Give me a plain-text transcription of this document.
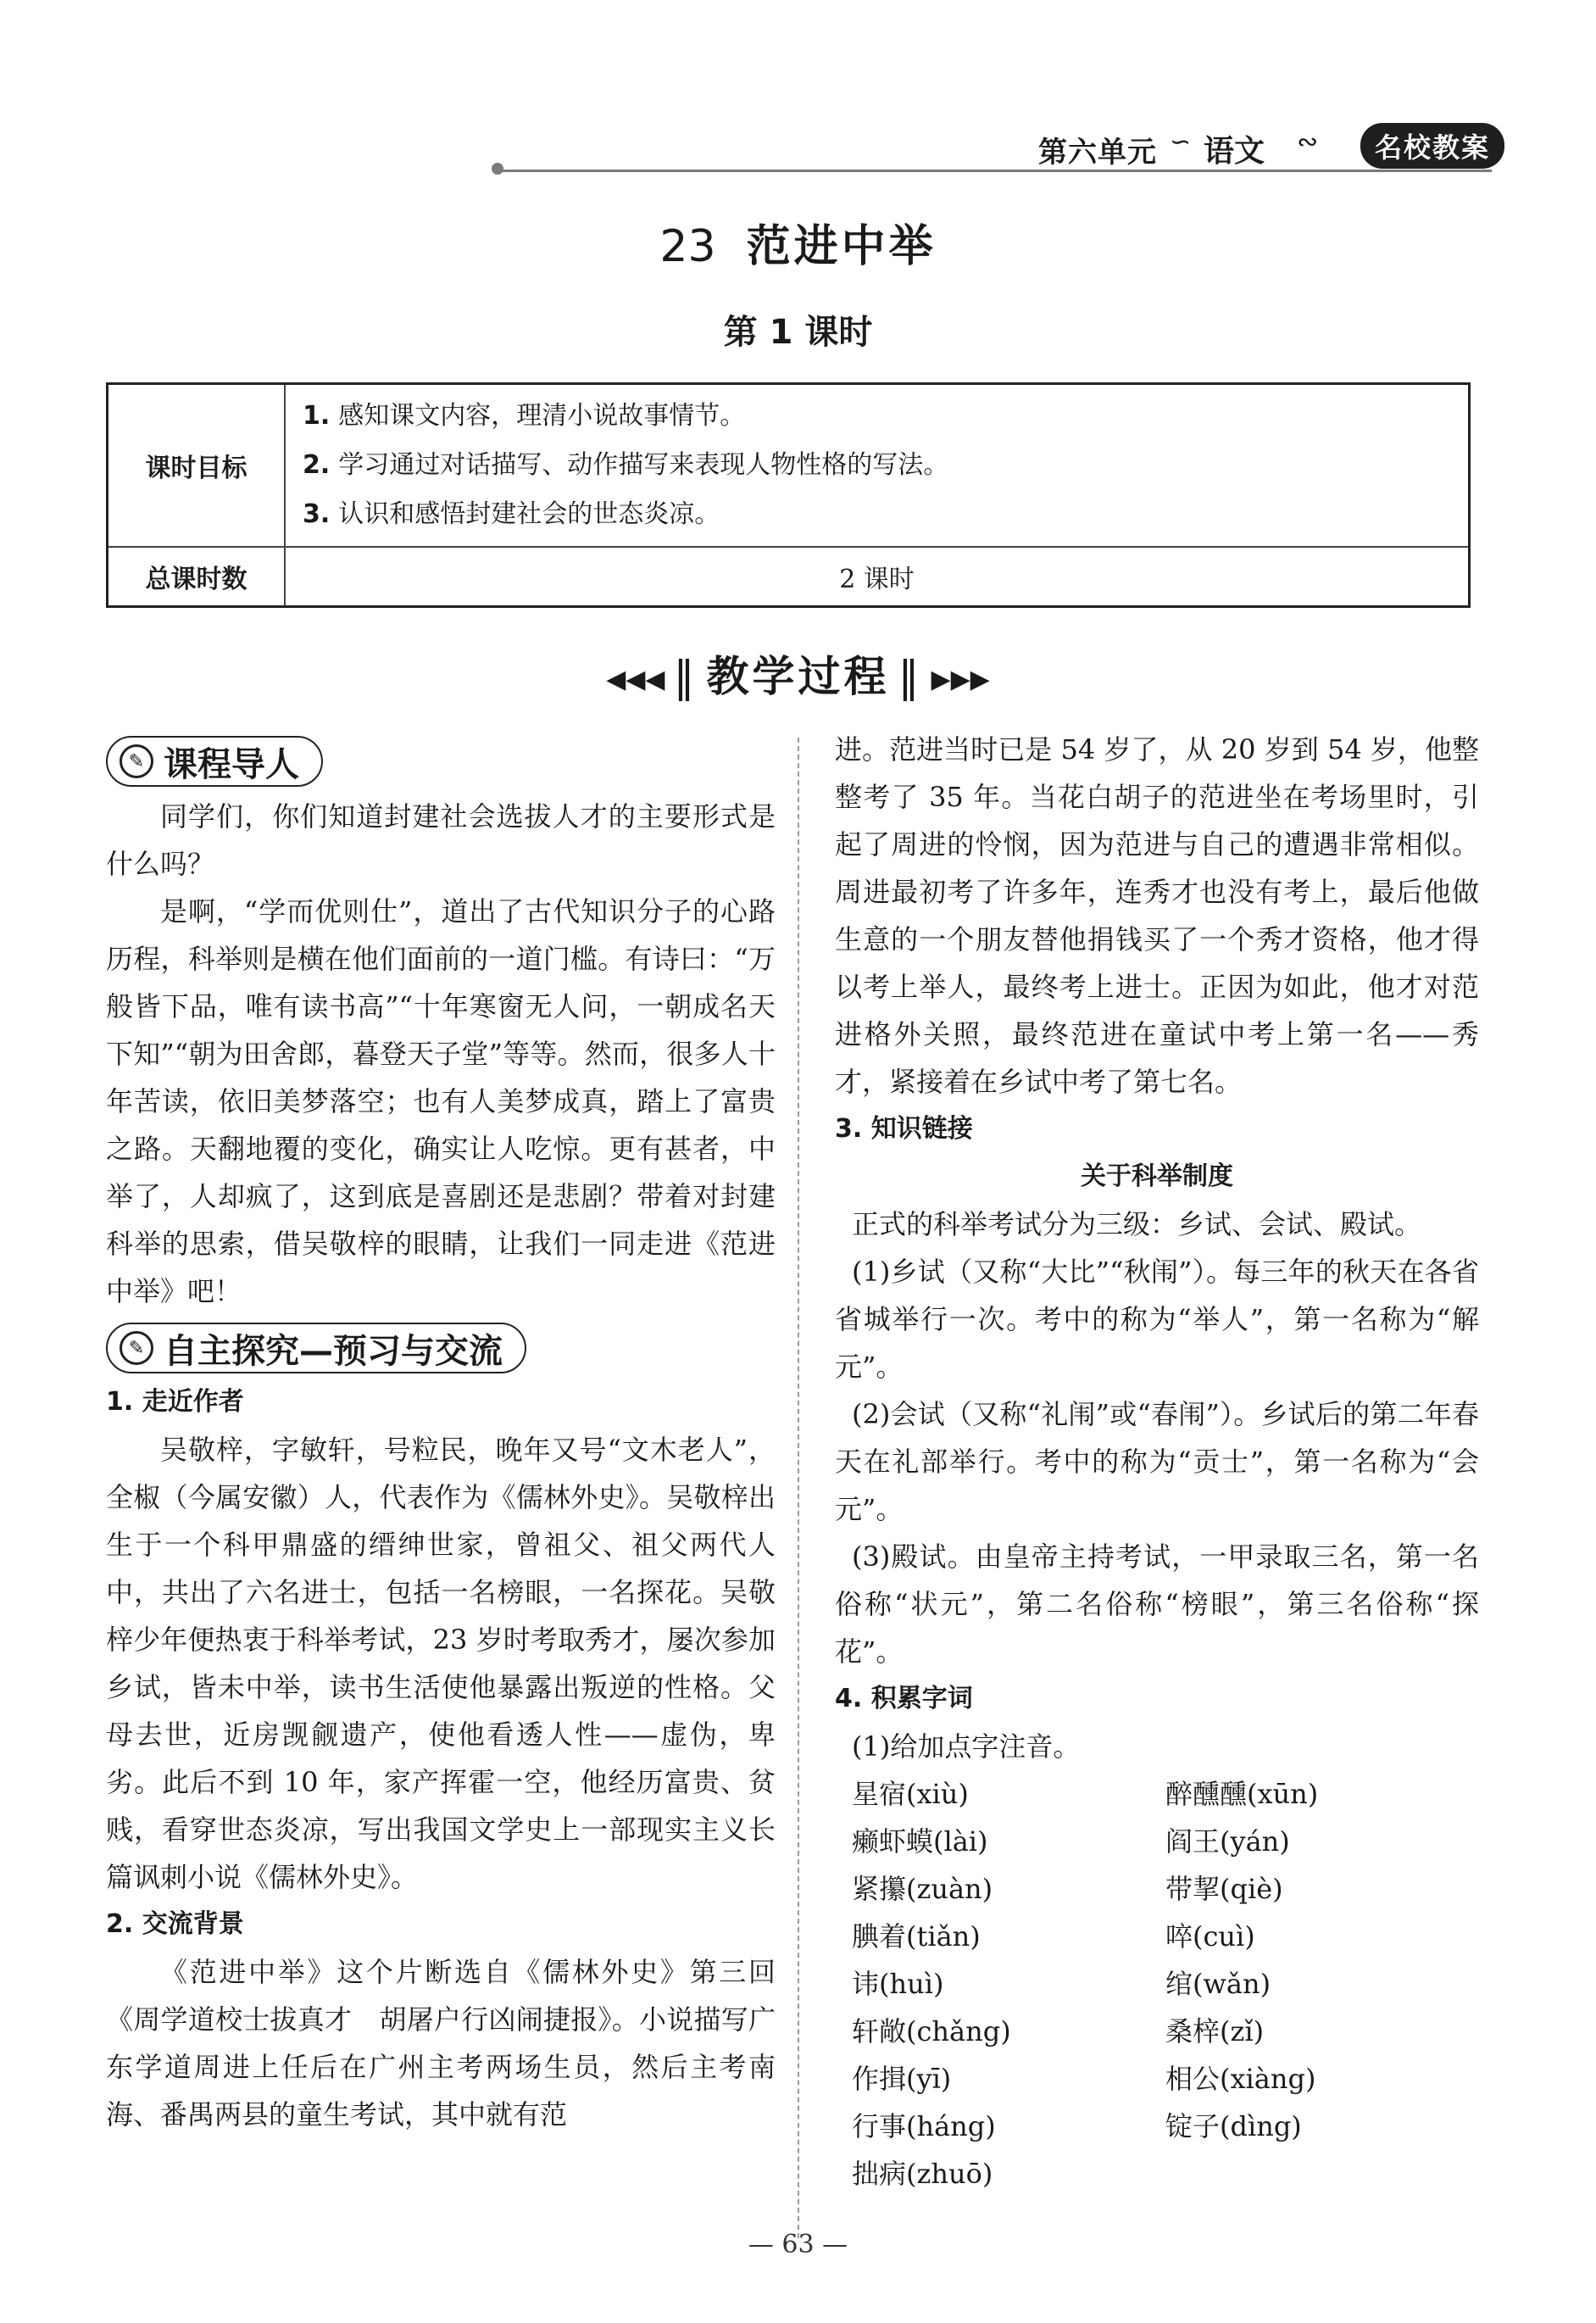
第六单元 ∽ 语文 ∾	名校教案
23 范进中举
第 1 课时
课时目标	1. 感知课文内容，理清小说故事情节。
2. 学习通过对话描写、动作描写来表现人物性格的写法。
3. 认识和感悟封建社会的世态炎凉。

总课时数	2 课时
◀◀◀ ‖ 教学过程 ‖ ▶▶▶
✎ 课程导人
同学们，你们知道封建社会选拔人才的主要形式是什么吗？
是啊，“学而优则仕”，道出了古代知识分子的心路历程，科举则是横在他们面前的一道门槛。有诗曰：“万般皆下品，唯有读书高”“十年寒窗无人问，一朝成名天下知”“朝为田舍郎，暮登天子堂”等等。然而，很多人十年苦读，依旧美梦落空；也有人美梦成真，踏上了富贵之路。天翻地覆的变化，确实让人吃惊。更有甚者，中举了，人却疯了，这到底是喜剧还是悲剧？带着对封建科举的思索，借吴敬梓的眼睛，让我们一同走进《范进中举》吧！
✎ 自主探究—预习与交流
1. 走近作者
吴敬梓，字敏轩，号粒民，晚年又号“文木老人”，全椒（今属安徽）人，代表作为《儒林外史》。吴敬梓出生于一个科甲鼎盛的缙绅世家，曾祖父、祖父两代人中，共出了六名进士，包括一名榜眼，一名探花。吴敬梓少年便热衷于科举考试，23 岁时考取秀才，屡次参加乡试，皆未中举，读书生活使他暴露出叛逆的性格。父母去世，近房觊觎遗产，使他看透人性——虚伪，卑劣。此后不到 10 年，家产挥霍一空，他经历富贵、贫贱，看穿世态炎凉，写出我国文学史上一部现实主义长篇讽刺小说《儒林外史》。
2. 交流背景
《范进中举》这个片断选自《儒林外史》第三回《周学道校士拔真才　胡屠户行凶闹捷报》。小说描写广东学道周进上任后在广州主考两场生员，然后主考南海、番禺两县的童生考试，其中就有范
进。范进当时已是 54 岁了，从 20 岁到 54 岁，他整整考了 35 年。当花白胡子的范进坐在考场里时，引起了周进的怜悯，因为范进与自己的遭遇非常相似。周进最初考了许多年，连秀才也没有考上，最后他做生意的一个朋友替他捐钱买了一个秀才资格，他才得以考上举人，最终考上进士。正因为如此，他才对范进格外关照，最终范进在童试中考上第一名——秀才，紧接着在乡试中考了第七名。
3. 知识链接
关于科举制度
正式的科举考试分为三级：乡试、会试、殿试。
(1)乡试（又称“大比”“秋闱”）。每三年的秋天在各省省城举行一次。考中的称为“举人”，第一名称为“解元”。
(2)会试（又称“礼闱”或“春闱”）。乡试后的第二年春天在礼部举行。考中的称为“贡士”，第一名称为“会元”。
(3)殿试。由皇帝主持考试，一甲录取三名，第一名俗称“状元”，第二名俗称“榜眼”，第三名俗称“探花”。
4. 积累字词
(1)给加点字注音。
星宿(xiù)
癞虾蟆(lài)
紧攥(zuàn)
腆着(tiǎn)
讳(huì)
轩敞(chǎng)
作揖(yī)
行事(háng)
拙病(zhuō)
醉醺醺(xūn)
阎王(yán)
带挈(qiè)
啐(cuì)
绾(wǎn)
桑梓(zǐ)
相公(xiàng)
锭子(dìng)
— 63 —
